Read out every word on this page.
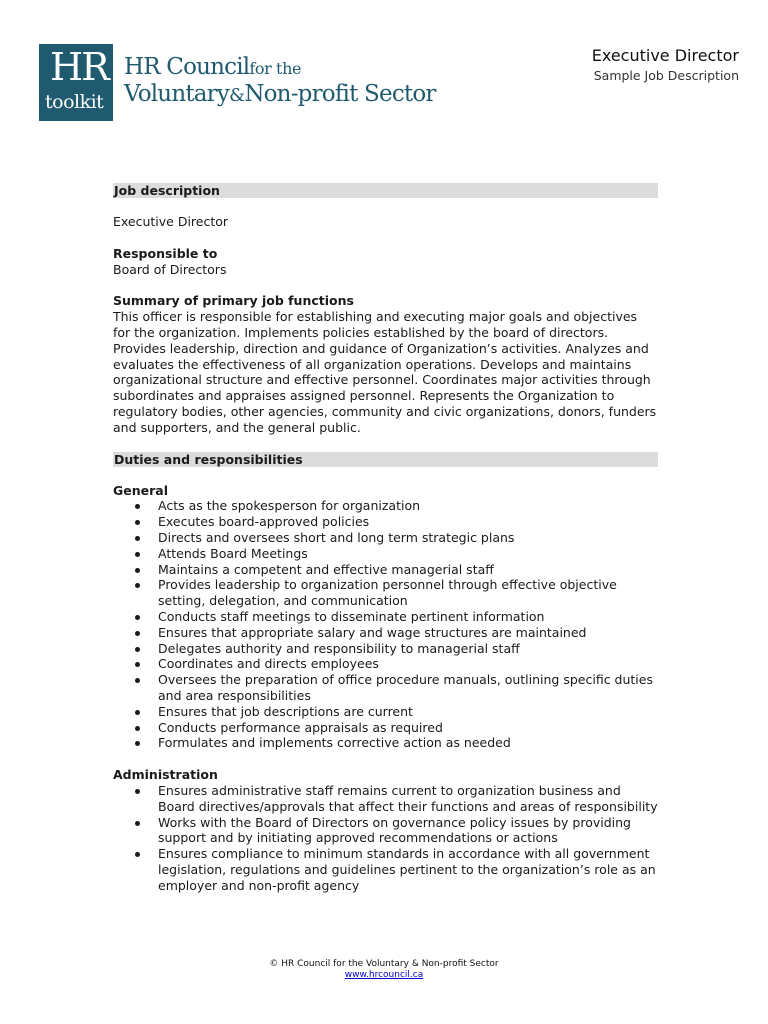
HR
toolkit
HR Councilfor the
Voluntary&Non-profit Sector
Executive Director
Sample Job Description
Job description

Executive Director

Responsible to

Board of Directors

Summary of primary job functions

This officer is responsible for establishing and executing major goals and objectives for the organization. Implements policies established by the board of directors. Provides leadership, direction and guidance of Organization’s activities. Analyzes and evaluates the effectiveness of all organization operations. Develops and maintains organizational structure and effective personnel. Coordinates major activities through subordinates and appraises assigned personnel. Represents the Organization to regulatory bodies, other agencies, community and civic organizations, donors, funders and supporters, and the general public.

Duties and responsibilities

General

Acts as the spokesperson for organization
Executes board-approved policies
Directs and oversees short and long term strategic plans
Attends Board Meetings
Maintains a competent and effective managerial staff
Provides leadership to organization personnel through effective objective setting, delegation, and communication
Conducts staff meetings to disseminate pertinent information
Ensures that appropriate salary and wage structures are maintained
Delegates authority and responsibility to managerial staff
Coordinates and directs employees
Oversees the preparation of office procedure manuals, outlining specific duties and area responsibilities
Ensures that job descriptions are current
Conducts performance appraisals as required
Formulates and implements corrective action as needed

Administration

Ensures administrative staff remains current to organization business and Board directives/approvals that affect their functions and areas of responsibility
Works with the Board of Directors on governance policy issues by providing support and by initiating approved recommendations or actions
Ensures compliance to minimum standards in accordance with all government legislation, regulations and guidelines pertinent to the organization’s role as an employer and non-profit agency
© HR Council for the Voluntary & Non-profit Sector
www.hrcouncil.ca
